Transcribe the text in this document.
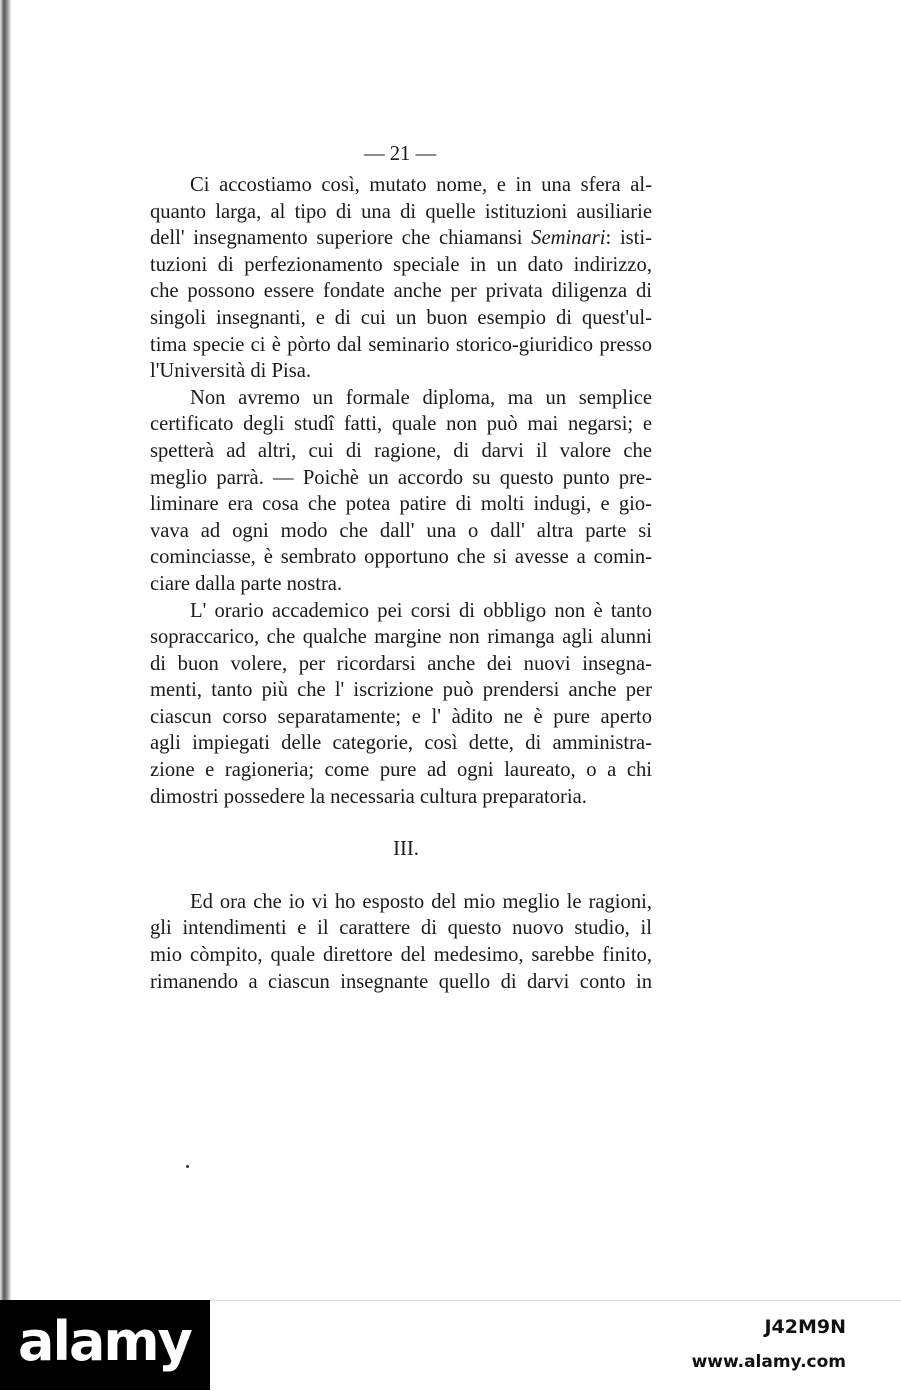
— 21 —
Ci accostiamo così, mutato nome, e in una sfera al-
quanto larga, al tipo di una di quelle istituzioni ausiliarie
dell' insegnamento superiore che chiamansi Seminari: isti-
tuzioni di perfezionamento speciale in un dato indirizzo,
che possono essere fondate anche per privata diligenza di
singoli insegnanti, e di cui un buon esempio di quest'ul-
tima specie ci è pòrto dal seminario storico-giuridico presso
l'Università di Pisa.
Non avremo un formale diploma, ma un semplice
certificato degli studî fatti, quale non può mai negarsi; e
spetterà ad altri, cui di ragione, di darvi il valore che
meglio parrà. — Poichè un accordo su questo punto pre-
liminare era cosa che potea patire di molti indugi, e gio-
vava ad ogni modo che dall' una o dall' altra parte si
cominciasse, è sembrato opportuno che si avesse a comin-
ciare dalla parte nostra.
L' orario accademico pei corsi di obbligo non è tanto
sopraccarico, che qualche margine non rimanga agli alunni
di buon volere, per ricordarsi anche dei nuovi insegna-
menti, tanto più che l' iscrizione può prendersi anche per
ciascun corso separatamente; e l' àdito ne è pure aperto
agli impiegati delle categorie, così dette, di amministra-
zione e ragioneria; come pure ad ogni laureato, o a chi
dimostri possedere la necessaria cultura preparatoria.
III.
Ed ora che io vi ho esposto del mio meglio le ragioni,
gli intendimenti e il carattere di questo nuovo studio, il
mio còmpito, quale direttore del medesimo, sarebbe finito,
rimanendo a ciascun insegnante quello di darvi conto in
alamy	J42M9N
www.alamy.com
